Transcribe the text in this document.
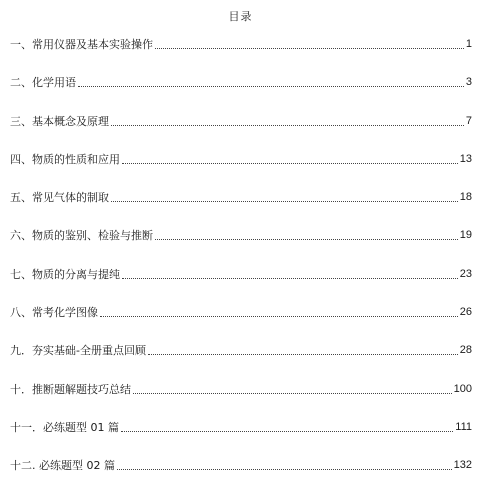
目录
一、常用仪器及基本实验操作	1
二、化学用语	3
三、基本概念及原理	7
四、物质的性质和应用	13
五、常见气体的制取	18
六、物质的鉴别、检验与推断	19
七、物质的分离与提纯	23
八、常考化学图像	26
九．夯实基础-全册重点回顾	28
十．推断题解题技巧总结	100
十一．必练题型 01 篇	111
十二. 必练题型 02 篇	132
